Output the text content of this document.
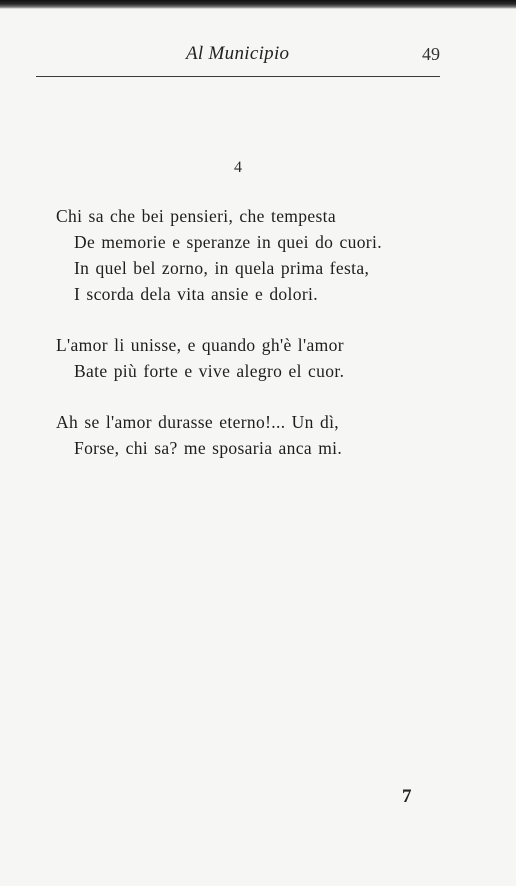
Al Municipio	49
4
Chi sa che bei pensieri, che tempesta
De memorie e speranze in quei do cuori.
In quel bel zorno, in quela prima festa,
I scorda dela vita ansie e dolori.
L'amor li unisse, e quando gh'è l'amor
Bate più forte e vive alegro el cuor.
Ah se l'amor durasse eterno!... Un dì,
Forse, chi sa? me sposaria anca mi.
7
